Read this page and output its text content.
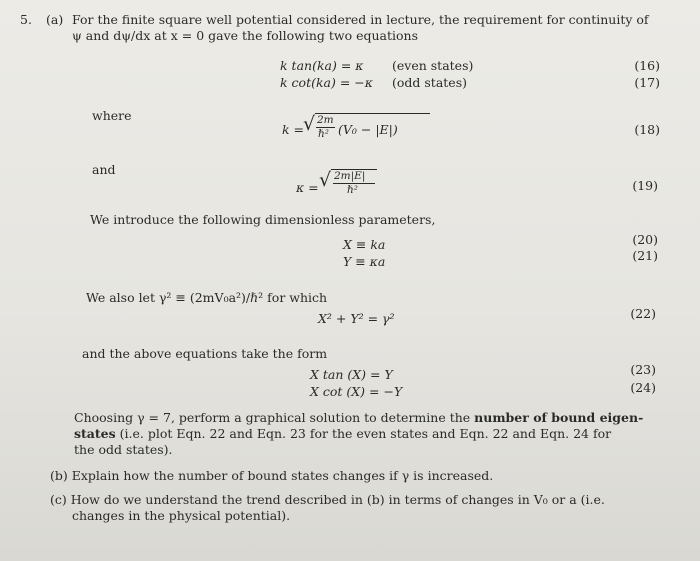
5. (a) For the finite square well potential considered in lecture, the requirement for continuity of
ψ and dψ/dx at x = 0 gave the following two equations
k tan(ka) = κ (even states)	(16)
k cot(ka) = −κ (odd states)	(17)
where
k =
√ 2m
ℏ² (V₀ − |E|)	(18)
and
κ = √ 2m|E|
ℏ²	(19)
We introduce the following dimensionless parameters,
X ≡ ka	(20)
Y ≡ κa	(21)
We also let γ² ≡ (2mV₀a²)/ℏ² for which
X² + Y² = γ²	(22)
and the above equations take the form
X tan (X) = Y	(23)
X cot (X) = −Y	(24)
Choosing γ = 7, perform a graphical solution to determine the number of bound eigen-
states (i.e. plot Eqn. 22 and Eqn. 23 for the even states and Eqn. 22 and Eqn. 24 for
the odd states).
(b) Explain how the number of bound states changes if γ is increased.
(c) How do we understand the trend described in (b) in terms of changes in V₀ or a (i.e.
changes in the physical potential).
